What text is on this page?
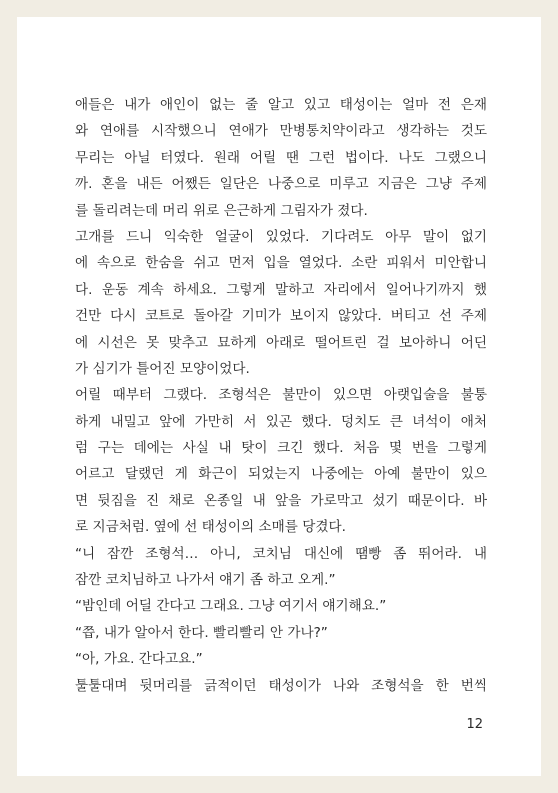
애들은 내가 애인이 없는 줄 알고 있고 태성이는 얼마 전 은재
와 연애를 시작했으니 연애가 만병통치약이라고 생각하는 것도
무리는 아닐 터였다. 원래 어릴 땐 그런 법이다. 나도 그랬으니
까. 혼을 내든 어쨌든 일단은 나중으로 미루고 지금은 그냥 주제
를 돌리려는데 머리 위로 은근하게 그림자가 졌다.
고개를 드니 익숙한 얼굴이 있었다. 기다려도 아무 말이 없기
에 속으로 한숨을 쉬고 먼저 입을 열었다. 소란 피워서 미안합니
다. 운동 계속 하세요. 그렇게 말하고 자리에서 일어나기까지 했
건만 다시 코트로 돌아갈 기미가 보이지 않았다. 버티고 선 주제
에 시선은 못 맞추고 묘하게 아래로 떨어트린 걸 보아하니 어딘
가 심기가 틀어진 모양이었다.
어릴 때부터 그랬다. 조형석은 불만이 있으면 아랫입술을 불퉁
하게 내밀고 앞에 가만히 서 있곤 했다. 덩치도 큰 녀석이 애처
럼 구는 데에는 사실 내 탓이 크긴 했다. 처음 몇 번을 그렇게
어르고 달랬던 게 화근이 되었는지 나중에는 아예 불만이 있으
면 뒷짐을 진 채로 온종일 내 앞을 가로막고 섰기 때문이다. 바
로 지금처럼. 옆에 선 태성이의 소매를 당겼다.
“니 잠깐 조형석… 아니, 코치님 대신에 땜빵 좀 뛰어라. 내
잠깐 코치님하고 나가서 얘기 좀 하고 오게.”
“밤인데 어딜 간다고 그래요. 그냥 여기서 얘기해요.”
“쯥, 내가 알아서 한다. 빨리빨리 안 가나?”
“아, 가요. 간다고요.”
툴툴대며 뒷머리를 긁적이던 태성이가 나와 조형석을 한 번씩
12
